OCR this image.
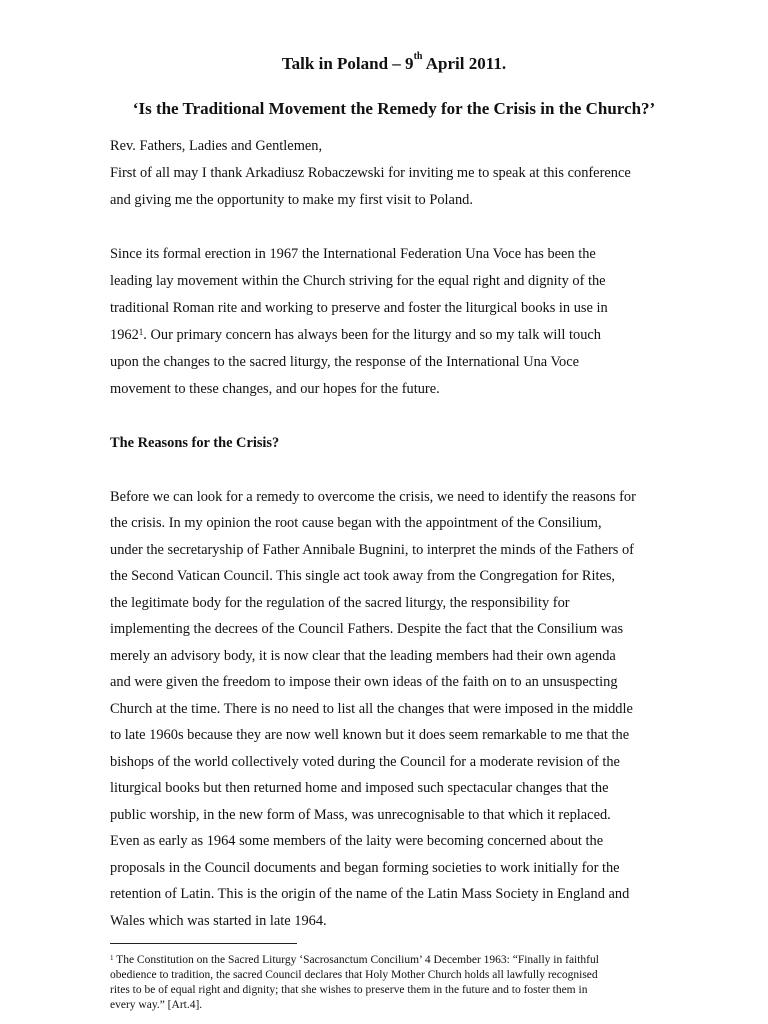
Talk in Poland – 9th April 2011.
‘Is the Traditional Movement the Remedy for the Crisis in the Church?’
Rev. Fathers, Ladies and Gentlemen,
First of all may I thank Arkadiusz Robaczewski for inviting me to speak at this conference
and giving me the opportunity to make my first visit to Poland.
Since its formal erection in 1967 the International Federation Una Voce has been the
leading lay movement within the Church striving for the equal right and dignity of the
traditional Roman rite and working to preserve and foster the liturgical books in use in
1962$^1$. Our primary concern has always been for the liturgy and so my talk will touch
upon the changes to the sacred liturgy, the response of the International Una Voce
movement to these changes, and our hopes for the future.
The Reasons for the Crisis?
Before we can look for a remedy to overcome the crisis, we need to identify the reasons for
the crisis. In my opinion the root cause began with the appointment of the Consilium,
under the secretaryship of Father Annibale Bugnini, to interpret the minds of the Fathers of
the Second Vatican Council. This single act took away from the Congregation for Rites,
the legitimate body for the regulation of the sacred liturgy, the responsibility for
implementing the decrees of the Council Fathers. Despite the fact that the Consilium was
merely an advisory body, it is now clear that the leading members had their own agenda
and were given the freedom to impose their own ideas of the faith on to an unsuspecting
Church at the time. There is no need to list all the changes that were imposed in the middle
to late 1960s because they are now well known but it does seem remarkable to me that the
bishops of the world collectively voted during the Council for a moderate revision of the
liturgical books but then returned home and imposed such spectacular changes that the
public worship, in the new form of Mass, was unrecognisable to that which it replaced.
Even as early as 1964 some members of the laity were becoming concerned about the
proposals in the Council documents and began forming societies to work initially for the
retention of Latin. This is the origin of the name of the Latin Mass Society in England and
Wales which was started in late 1964.
$^1$ The Constitution on the Sacred Liturgy ‘Sacrosanctum Concilium’ 4 December 1963: “Finally in faithful
obedience to tradition, the sacred Council declares that Holy Mother Church holds all lawfully recognised
rites to be of equal right and dignity; that she wishes to preserve them in the future and to foster them in
every way.” [Art.4].
